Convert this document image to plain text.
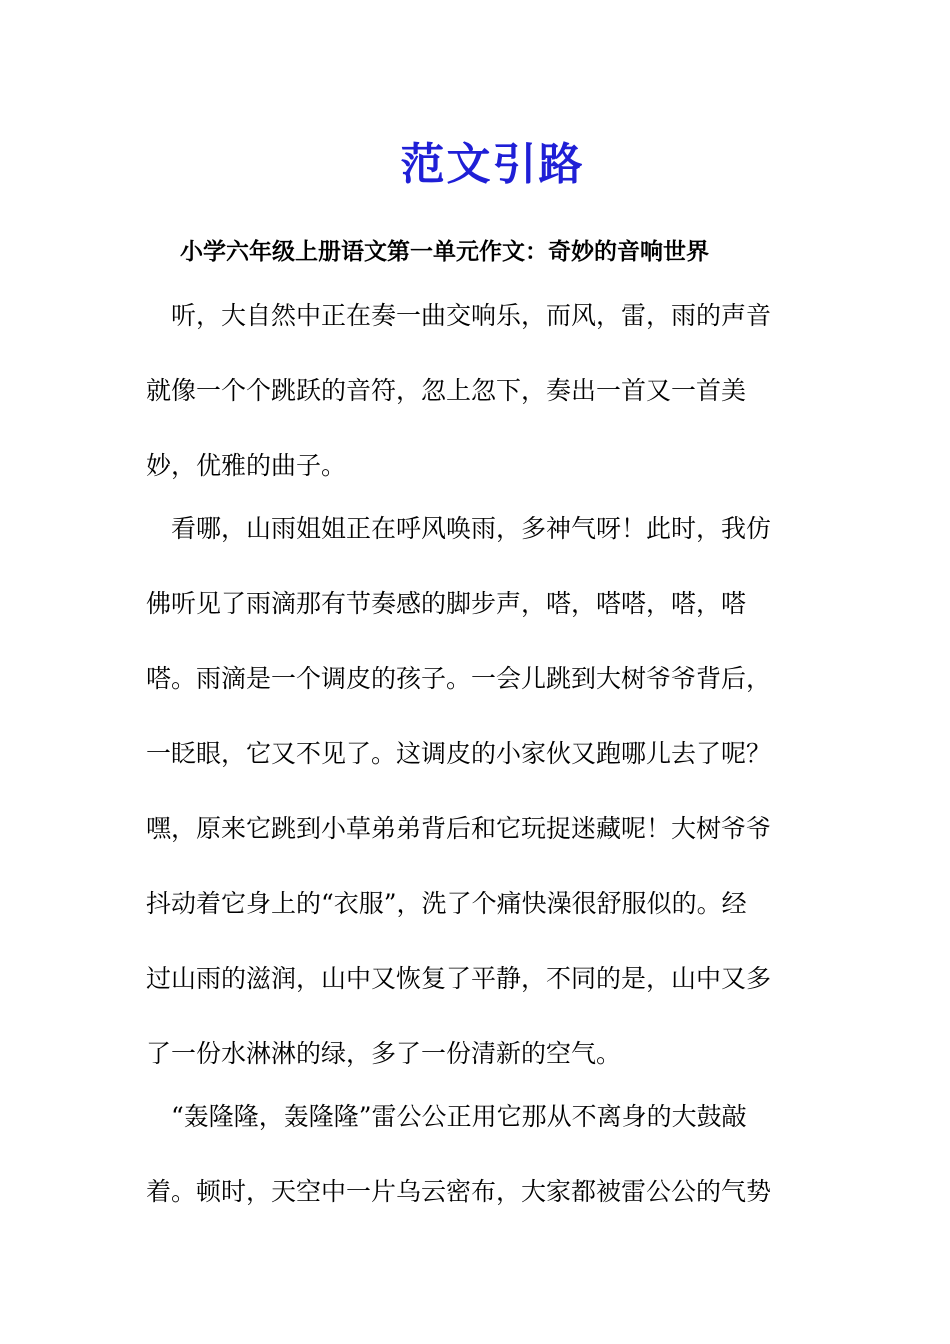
范文引路
小学六年级上册语文第一单元作文：奇妙的音响世界
　听，大自然中正在奏一曲交响乐，而风，雷，雨的声音
就像一个个跳跃的音符，忽上忽下，奏出一首又一首美
妙，优雅的曲子。
　看哪，山雨姐姐正在呼风唤雨，多神气呀！此时，我仿
佛听见了雨滴那有节奏感的脚步声，嗒，嗒嗒，嗒，嗒
嗒。雨滴是一个调皮的孩子。一会儿跳到大树爷爷背后，
一眨眼，它又不见了。这调皮的小家伙又跑哪儿去了呢？
嘿，原来它跳到小草弟弟背后和它玩捉迷藏呢！大树爷爷
抖动着它身上的“衣服”，洗了个痛快澡很舒服似的。经
过山雨的滋润，山中又恢复了平静，不同的是，山中又多
了一份水淋淋的绿，多了一份清新的空气。
　“轰隆隆，轰隆隆”雷公公正用它那从不离身的大鼓敲
着。顿时，天空中一片乌云密布，大家都被雷公公的气势
